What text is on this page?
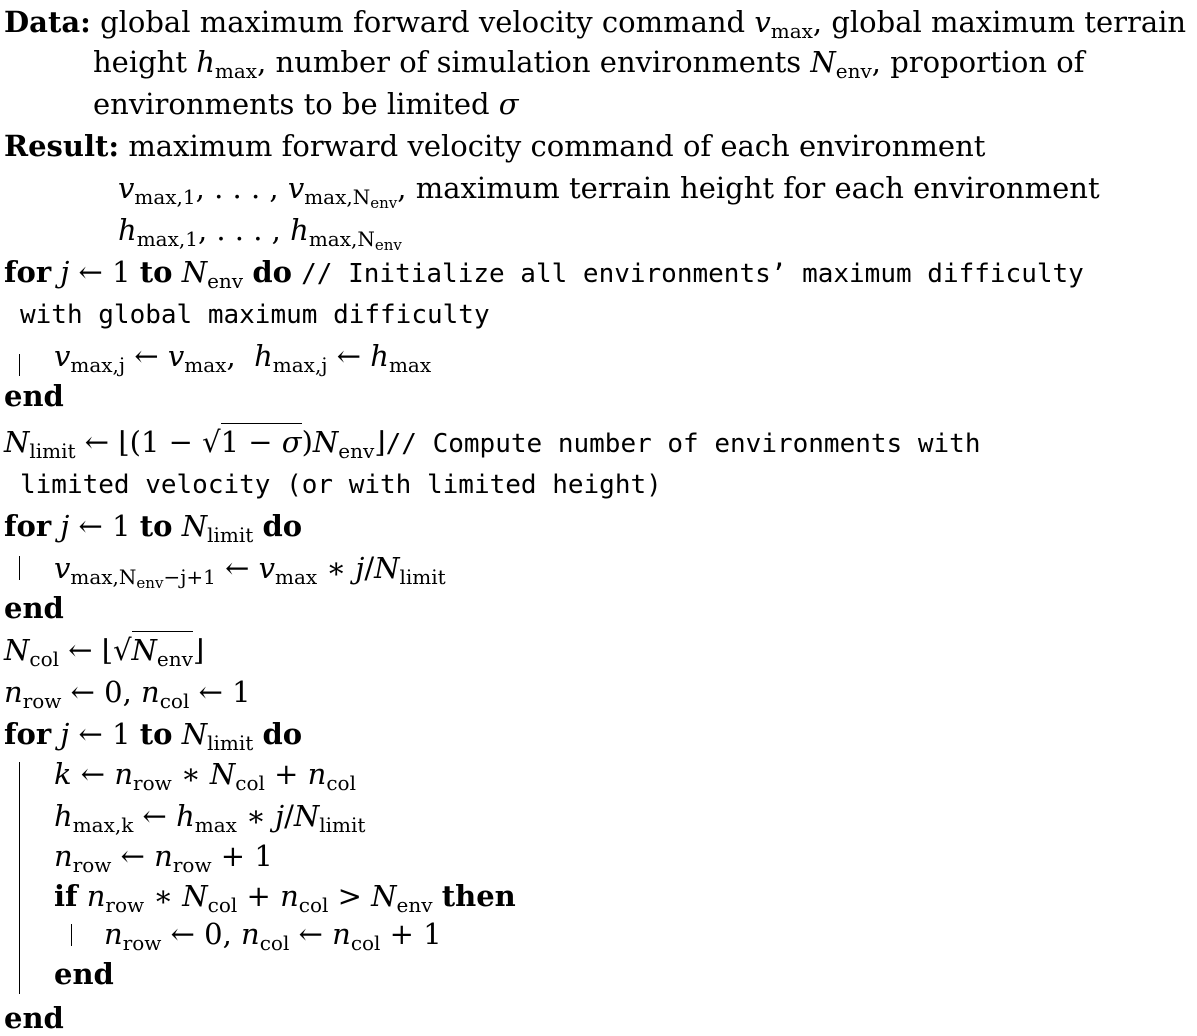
Data: global maximum forward velocity command $v_{max}$, global maximum terrain
height $h_{max}$, number of simulation environments $N_{env}$, proportion of
environments to be limited σ
Result: maximum forward velocity command of each environment
$v_{max,1}$, . . . , $v_{max,N_{env}}$, maximum terrain height for each environment
$h_{max,1}$, . . . , $h_{max,N_{env}}$
for j ← 1 to $N_{env}$ do // Initialize all environments’ maximum difficulty
with global maximum difficulty
$v_{max,j}$ ← $v_{max}$,  $h_{max,j}$ ← $h_{max}$
end
$N_{limit}$ ← ⌊(1 − $√1 - \sigma)N_{env}⌋//$ Compute number of environments with
limited velocity (or with limited height)
for j ← 1 to $N_{limit}$ do
$v_{max,N_{env}-j+1}$ ← $v_{max}$ ∗ $j/N_{limit}$
end
$N_{col}$ ← $⌊√N_{env}⌋$
$n_{row}$ ← 0, $n_{col}$ ← 1
for j ← 1 to $N_{limit}$ do
k ← $n_{row}$ ∗ $N_{col} + n_{col}$
$h_{max,k}$ ← $h_{max}$ ∗ $j/N_{limit}$
$n_{row}$ ← $n_{row} + 1$
if $n_{row}$ ∗ $N_{col} + n_{col} > N_{env}$ then
$n_{row}$ ← 0, $n_{col}$ ← $n_{col} + 1$
end
end
